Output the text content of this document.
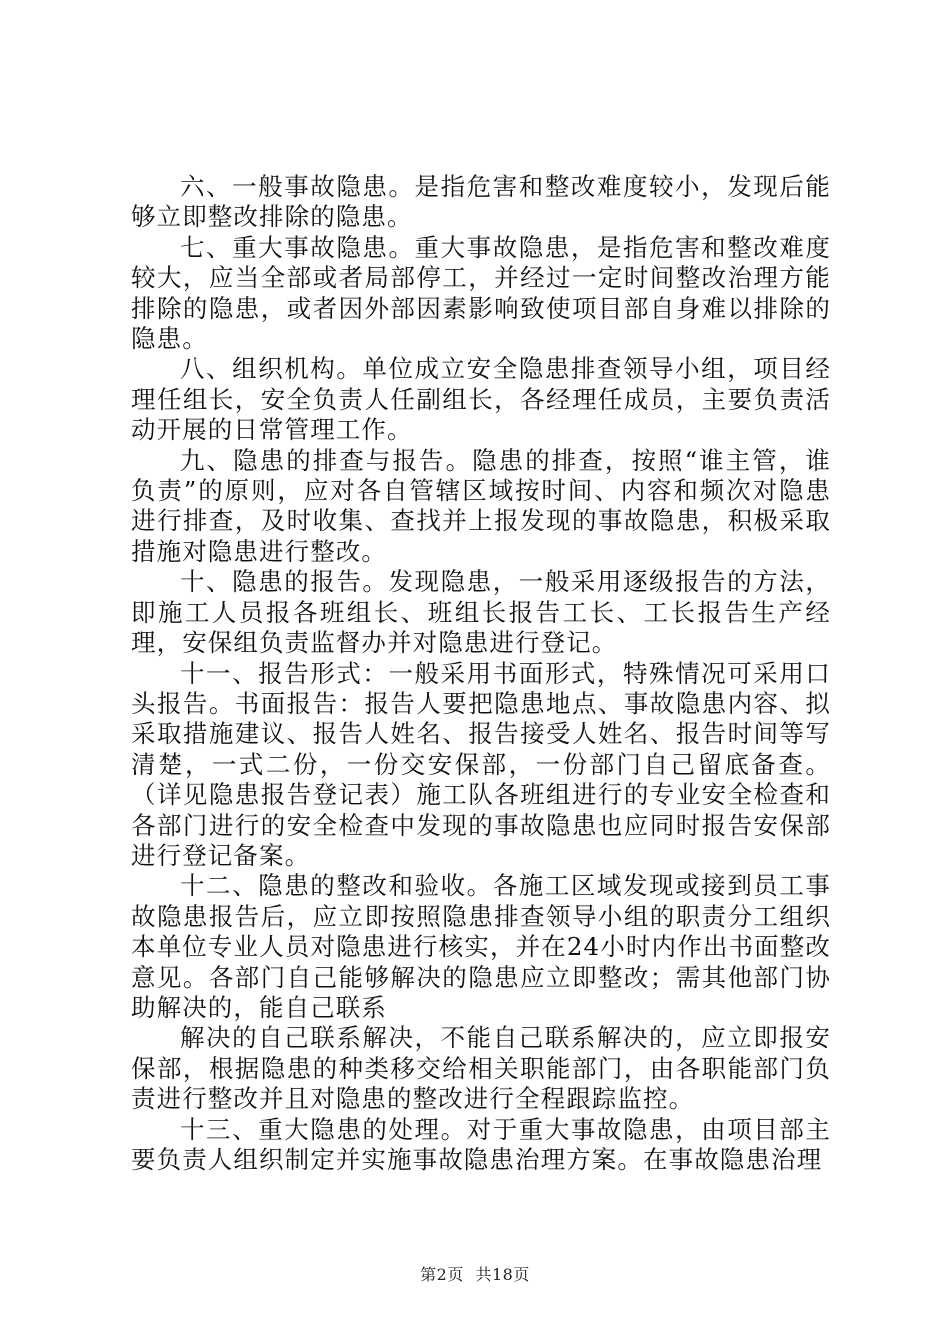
六、一般事故隐患。是指危害和整改难度较小，发现后能够立即整改排除的隐患。

七、重大事故隐患。重大事故隐患，是指危害和整改难度较大，应当全部或者局部停工，并经过一定时间整改治理方能排除的隐患，或者因外部因素影响致使项目部自身难以排除的隐患。

八、组织机构。单位成立安全隐患排查领导小组，项目经理任组长，安全负责人任副组长，各经理任成员，主要负责活动开展的日常管理工作。

九、隐患的排查与报告。隐患的排查，按照“谁主管，谁负责”的原则，应对各自管辖区域按时间、内容和频次对隐患进行排查，及时收集、查找并上报发现的事故隐患，积极采取措施对隐患进行整改。

十、隐患的报告。发现隐患，一般采用逐级报告的方法，即施工人员报各班组长、班组长报告工长、工长报告生产经理，安保组负责监督办并对隐患进行登记。

十一、报告形式：一般采用书面形式，特殊情况可采用口头报告。书面报告：报告人要把隐患地点、事故隐患内容、拟采取措施建议、报告人姓名、报告接受人姓名、报告时间等写清楚，一式二份，一份交安保部，一份部门自己留底备查。（详见隐患报告登记表）施工队各班组进行的专业安全检查和各部门进行的安全检查中发现的事故隐患也应同时报告安保部进行登记备案。

十二、隐患的整改和验收。各施工区域发现或接到员工事故隐患报告后，应立即按照隐患排查领导小组的职责分工组织本单位专业人员对隐患进行核实，并在24小时内作出书面整改意见。各部门自己能够解决的隐患应立即整改；需其他部门协助解决的，能自己联系

解决的自己联系解决，不能自己联系解决的，应立即报安保部，根据隐患的种类移交给相关职能部门，由各职能部门负责进行整改并且对隐患的整改进行全程跟踪监控。

十三、重大隐患的处理。对于重大事故隐患，由项目部主要负责人组织制定并实施事故隐患治理方案。在事故隐患治理

第2页 共18页
